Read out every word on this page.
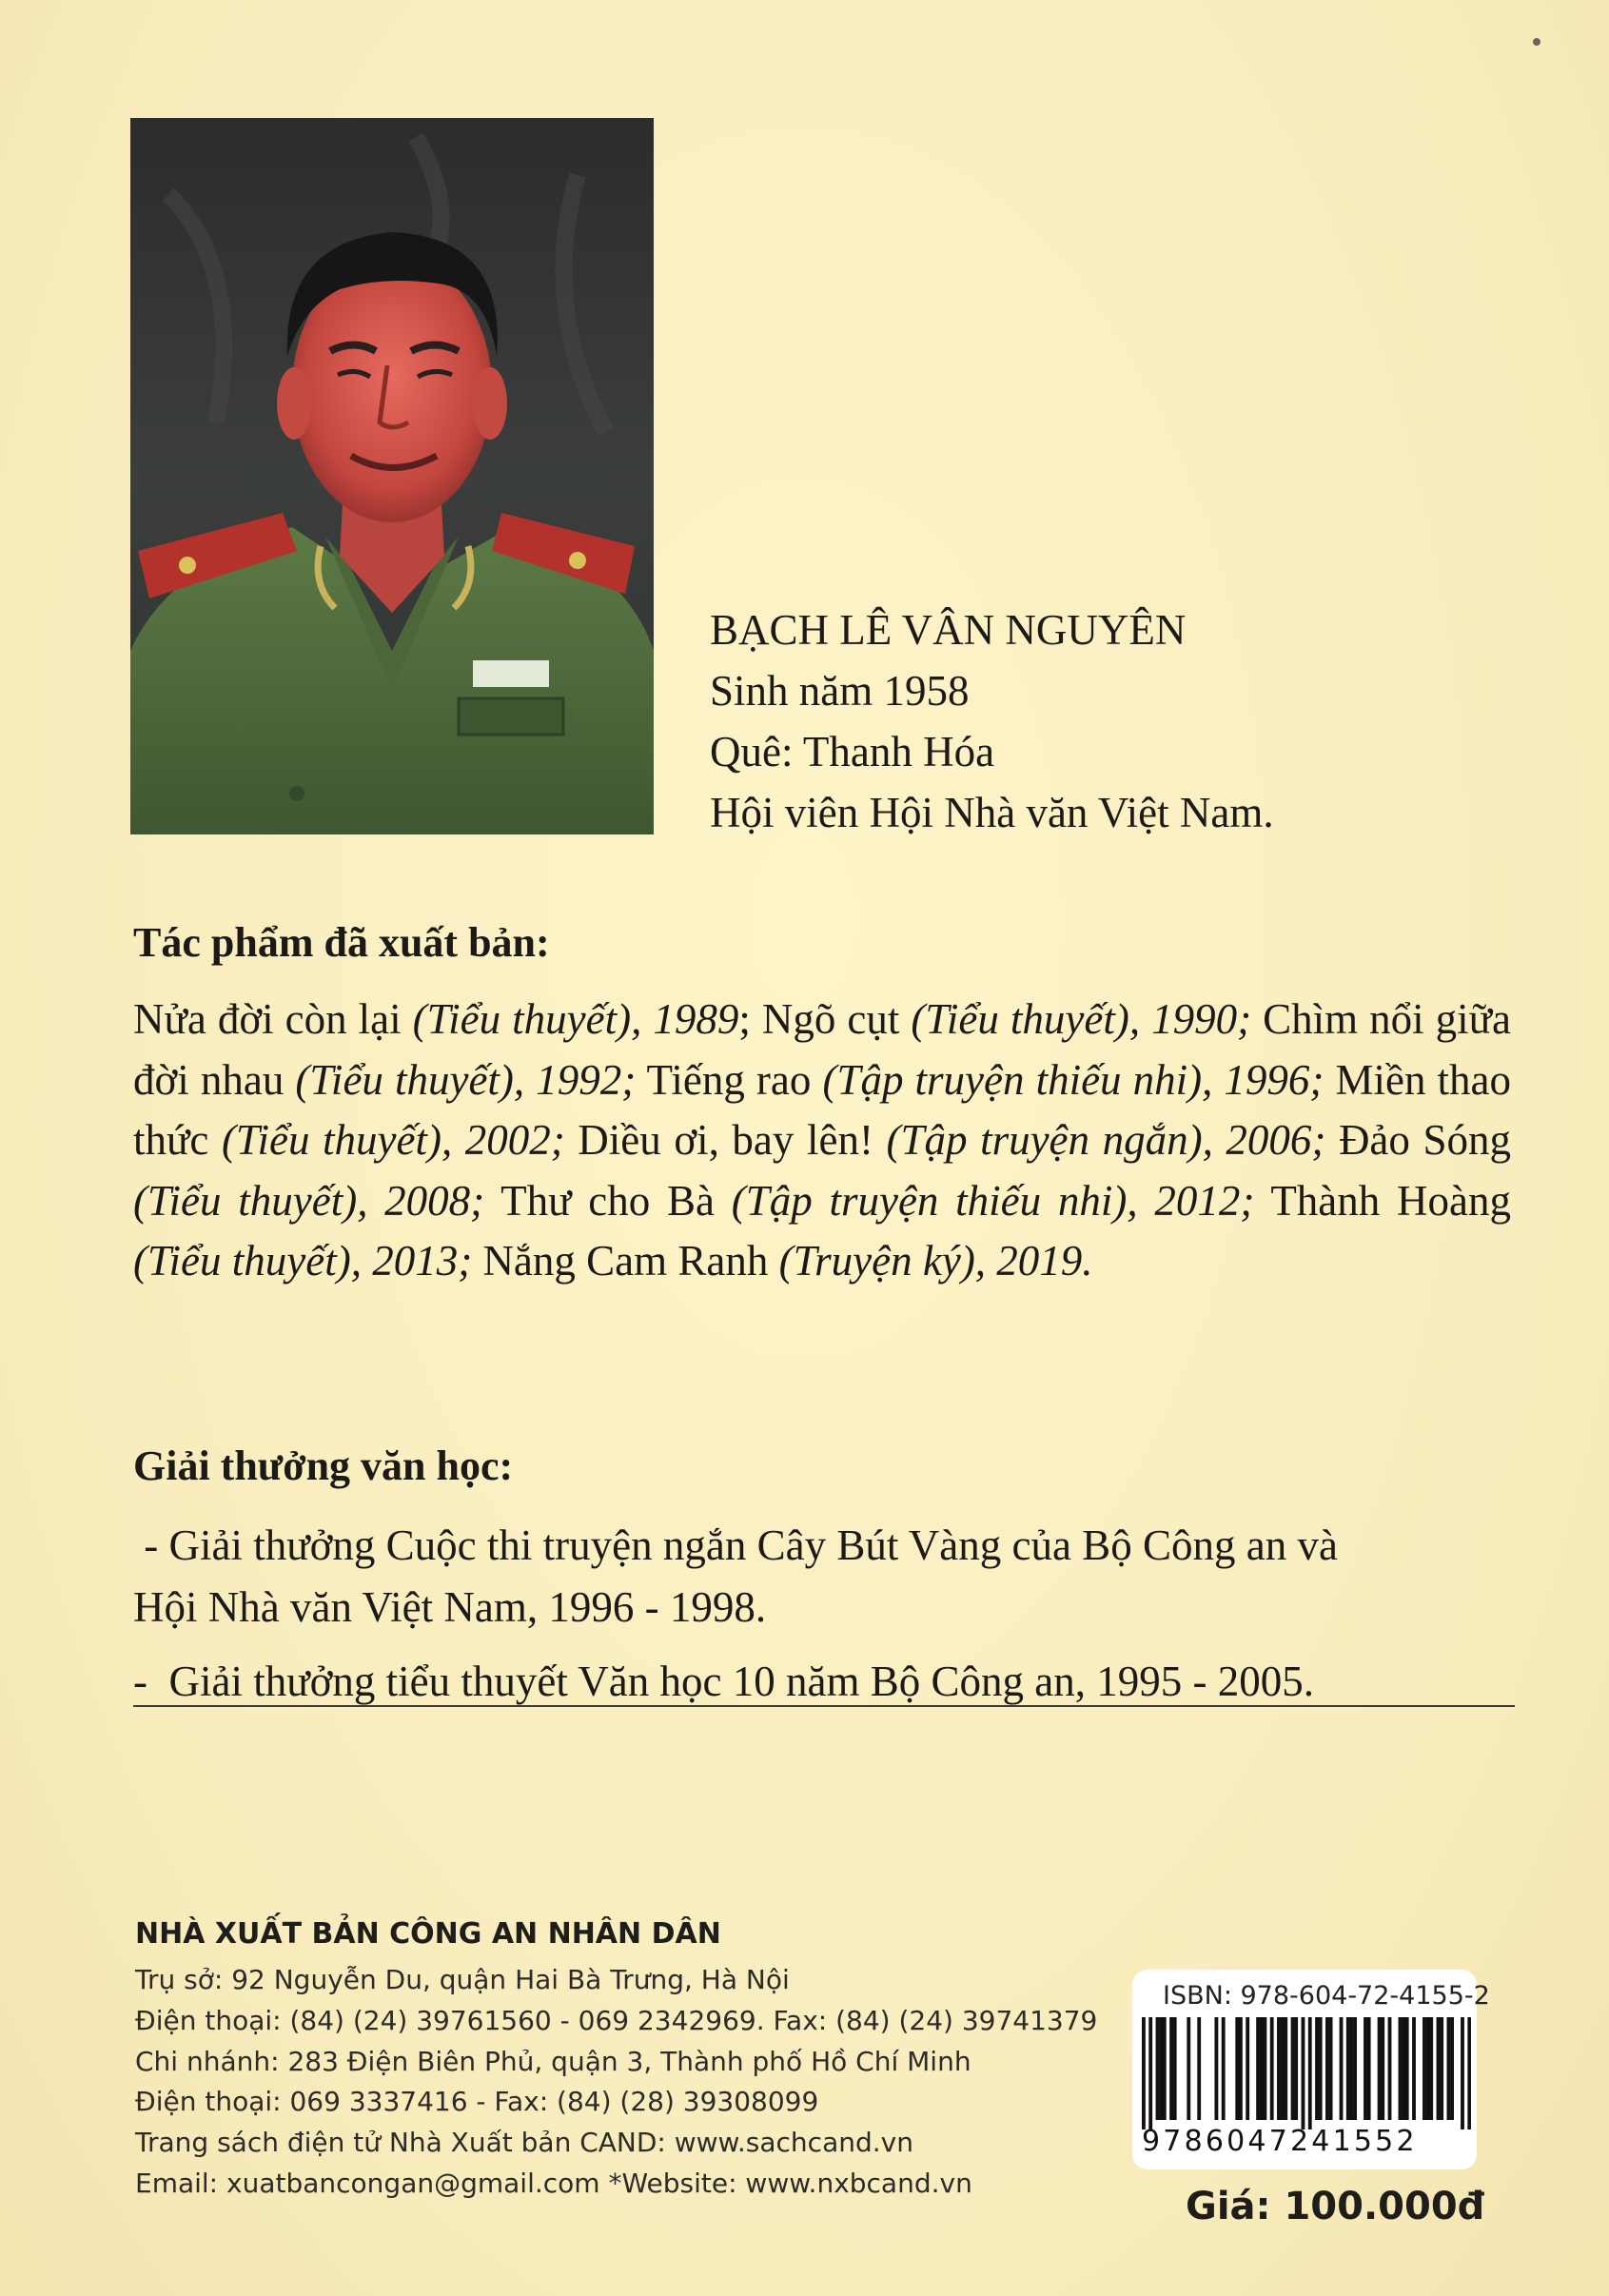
BẠCH LÊ VÂN NGUYÊN
Sinh năm 1958
Quê: Thanh Hóa
Hội viên Hội Nhà văn Việt Nam.
Tác phẩm đã xuất bản:
Nửa đời còn lại (Tiểu thuyết), 1989; Ngõ cụt (Tiểu thuyết), 1990; Chìm nổi giữa đời nhau (Tiểu thuyết), 1992; Tiếng rao (Tập truyện thiếu nhi), 1996; Miền thao thức (Tiểu thuyết), 2002; Diều ơi, bay lên! (Tập truyện ngắn), 2006; Đảo Sóng (Tiểu thuyết), 2008; Thư cho Bà (Tập truyện thiếu nhi), 2012; Thành Hoàng (Tiểu thuyết), 2013; Nắng Cam Ranh (Truyện ký), 2019.
Giải thưởng văn học:
- Giải thưởng Cuộc thi truyện ngắn Cây Bút Vàng của Bộ Công an và
Hội Nhà văn Việt Nam, 1996 - 1998.
-  Giải thưởng tiểu thuyết Văn học 10 năm Bộ Công an, 1995 - 2005.
NHÀ XUẤT BẢN CÔNG AN NHÂN DÂN
Trụ sở: 92 Nguyễn Du, quận Hai Bà Trưng, Hà Nội
Điện thoại: (84) (24) 39761560 - 069 2342969. Fax: (84) (24) 39741379
Chi nhánh: 283 Điện Biên Phủ, quận 3, Thành phố Hồ Chí Minh
Điện thoại: 069 3337416 - Fax: (84) (28) 39308099
Trang sách điện tử Nhà Xuất bản CAND: www.sachcand.vn
Email: xuatbancongan@gmail.com *Website: www.nxbcand.vn
ISBN: 978-604-72-4155-2
9786047241552
Giá: 100.000đ
